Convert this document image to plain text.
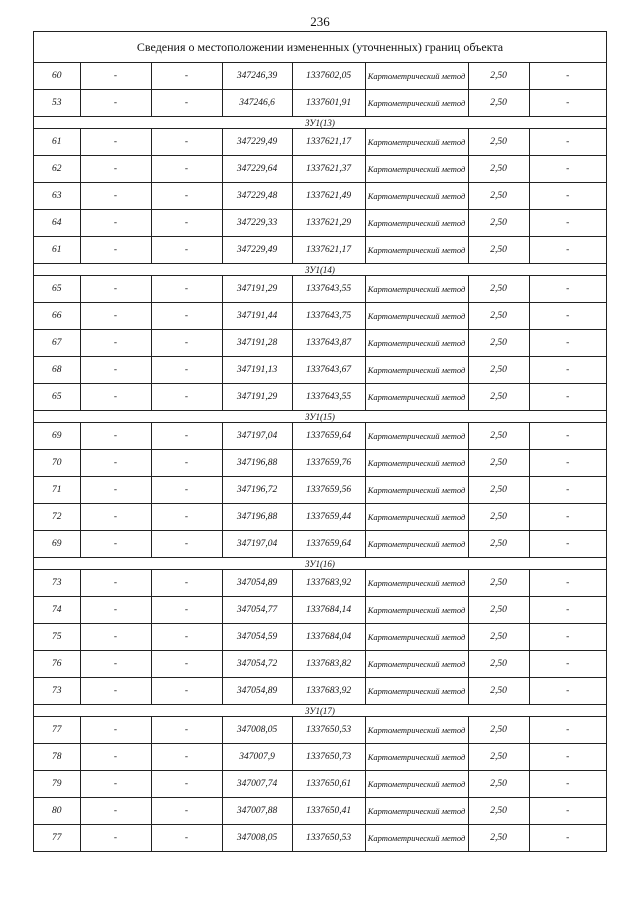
236
Сведения о местоположении измененных (уточненных) границ объекта
60	-	-	347246,39	1337602,05	Картометрический метод	2,50	-
53	-	-	347246,6	1337601,91	Картометрический метод	2,50	-
ЗУ1(13)							
61	-	-	347229,49	1337621,17	Картометрический метод	2,50	-
62	-	-	347229,64	1337621,37	Картометрический метод	2,50	-
63	-	-	347229,48	1337621,49	Картометрический метод	2,50	-
64	-	-	347229,33	1337621,29	Картометрический метод	2,50	-
61	-	-	347229,49	1337621,17	Картометрический метод	2,50	-
ЗУ1(14)							
65	-	-	347191,29	1337643,55	Картометрический метод	2,50	-
66	-	-	347191,44	1337643,75	Картометрический метод	2,50	-
67	-	-	347191,28	1337643,87	Картометрический метод	2,50	-
68	-	-	347191,13	1337643,67	Картометрический метод	2,50	-
65	-	-	347191,29	1337643,55	Картометрический метод	2,50	-
ЗУ1(15)							
69	-	-	347197,04	1337659,64	Картометрический метод	2,50	-
70	-	-	347196,88	1337659,76	Картометрический метод	2,50	-
71	-	-	347196,72	1337659,56	Картометрический метод	2,50	-
72	-	-	347196,88	1337659,44	Картометрический метод	2,50	-
69	-	-	347197,04	1337659,64	Картометрический метод	2,50	-
ЗУ1(16)							
73	-	-	347054,89	1337683,92	Картометрический метод	2,50	-
74	-	-	347054,77	1337684,14	Картометрический метод	2,50	-
75	-	-	347054,59	1337684,04	Картометрический метод	2,50	-
76	-	-	347054,72	1337683,82	Картометрический метод	2,50	-
73	-	-	347054,89	1337683,92	Картометрический метод	2,50	-
ЗУ1(17)							
77	-	-	347008,05	1337650,53	Картометрический метод	2,50	-
78	-	-	347007,9	1337650,73	Картометрический метод	2,50	-
79	-	-	347007,74	1337650,61	Картометрический метод	2,50	-
80	-	-	347007,88	1337650,41	Картометрический метод	2,50	-
77	-	-	347008,05	1337650,53	Картометрический метод	2,50	-
